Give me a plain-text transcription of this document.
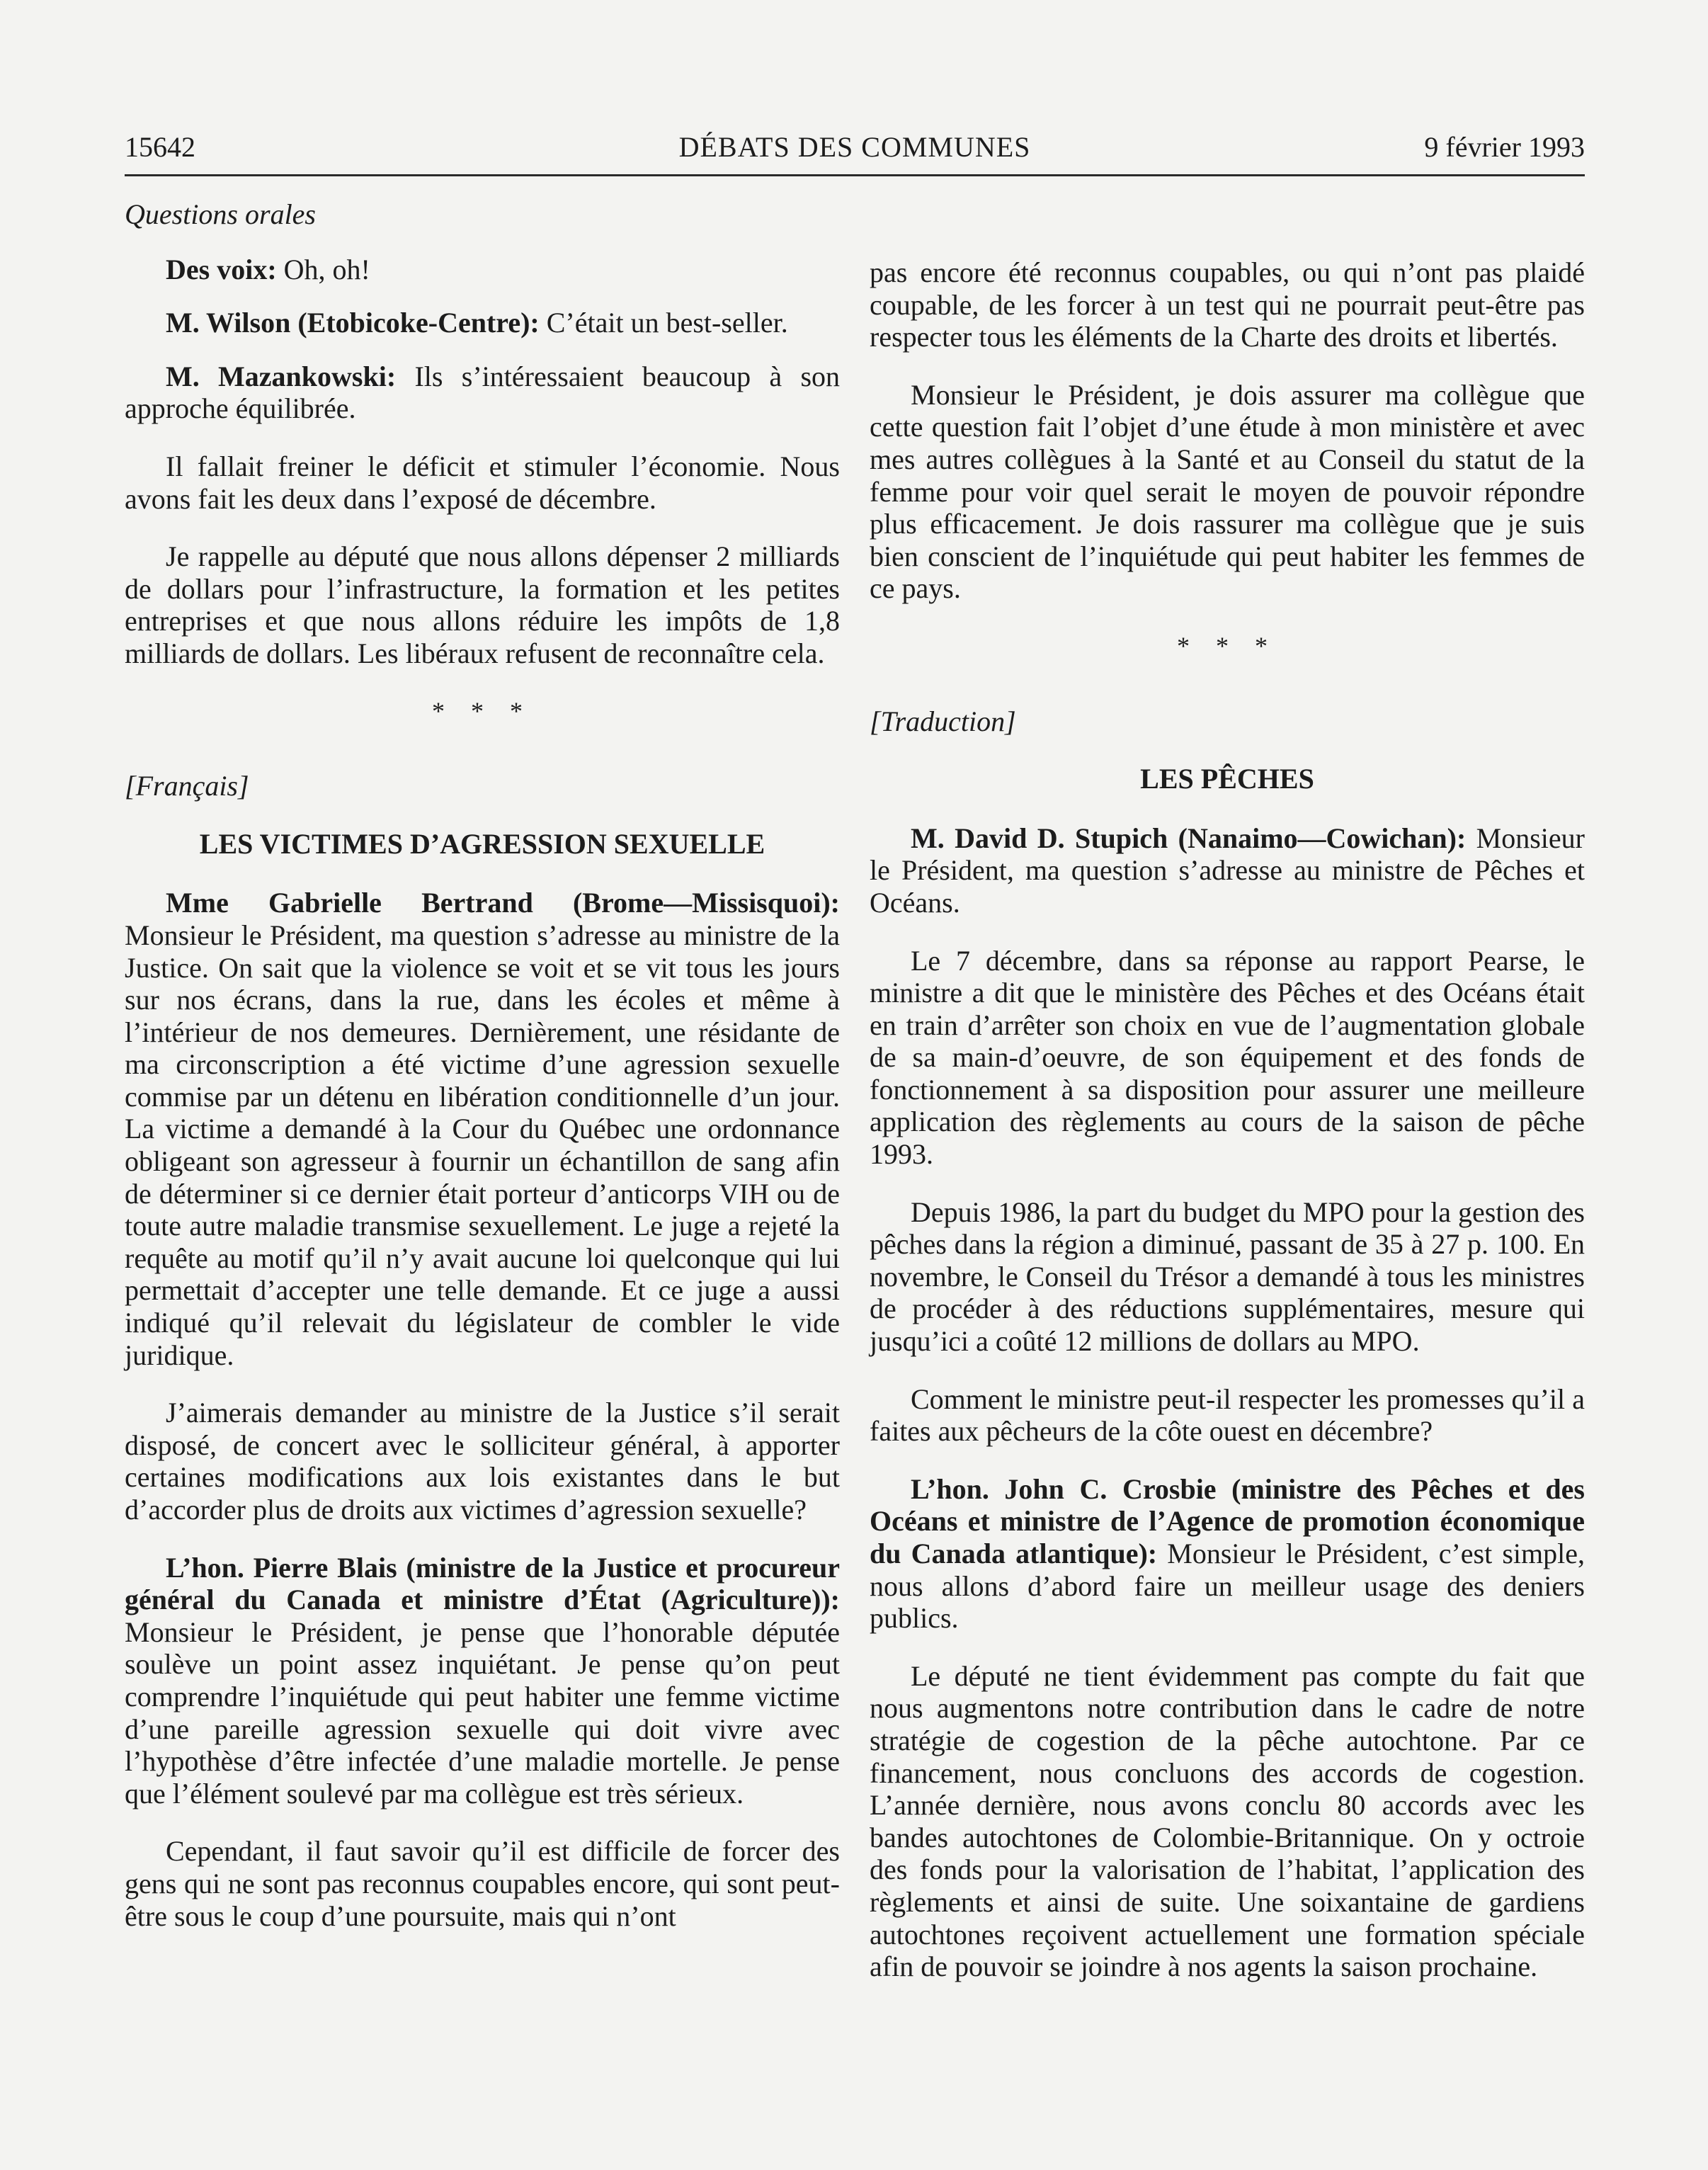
15642	DÉBATS DES COMMUNES	9 février 1993

Questions orales

Des voix: Oh, oh!

M. Wilson (Etobicoke-Centre): C’était un best-seller.

M. Mazankowski: Ils s’intéressaient beaucoup à son approche équilibrée.

Il fallait freiner le déficit et stimuler l’économie. Nous avons fait les deux dans l’exposé de décembre.

Je rappelle au député que nous allons dépenser 2 milliards de dollars pour l’infrastructure, la formation et les petites entreprises et que nous allons réduire les impôts de 1,8 milliards de dollars. Les libéraux refusent de reconnaître cela.

* * *

[Français]

LES VICTIMES D’AGRESSION SEXUELLE

Mme Gabrielle Bertrand (Brome—Missisquoi): Monsieur le Président, ma question s’adresse au ministre de la Justice. On sait que la violence se voit et se vit tous les jours sur nos écrans, dans la rue, dans les écoles et même à l’intérieur de nos demeures. Dernièrement, une résidante de ma circonscription a été victime d’une agression sexuelle commise par un détenu en libération conditionnelle d’un jour. La victime a demandé à la Cour du Québec une ordonnance obligeant son agresseur à fournir un échantillon de sang afin de déterminer si ce dernier était porteur d’anticorps VIH ou de toute autre maladie transmise sexuellement. Le juge a rejeté la requête au motif qu’il n’y avait aucune loi quelconque qui lui permettait d’accepter une telle demande. Et ce juge a aussi indiqué qu’il relevait du législateur de combler le vide juridique.

J’aimerais demander au ministre de la Justice s’il serait disposé, de concert avec le solliciteur général, à apporter certaines modifications aux lois existantes dans le but d’accorder plus de droits aux victimes d’agression sexuelle?

L’hon. Pierre Blais (ministre de la Justice et procureur général du Canada et ministre d’État (Agriculture)): Monsieur le Président, je pense que l’honorable députée soulève un point assez inquiétant. Je pense qu’on peut comprendre l’inquiétude qui peut habiter une femme victime d’une pareille agression sexuelle qui doit vivre avec l’hypothèse d’être infectée d’une maladie mortelle. Je pense que l’élément soulevé par ma collègue est très sérieux.

Cependant, il faut savoir qu’il est difficile de forcer des gens qui ne sont pas reconnus coupables encore, qui sont peut-être sous le coup d’une poursuite, mais qui n’ont

pas encore été reconnus coupables, ou qui n’ont pas plaidé coupable, de les forcer à un test qui ne pourrait peut-être pas respecter tous les éléments de la Charte des droits et libertés.

Monsieur le Président, je dois assurer ma collègue que cette question fait l’objet d’une étude à mon ministère et avec mes autres collègues à la Santé et au Conseil du statut de la femme pour voir quel serait le moyen de pouvoir répondre plus efficacement. Je dois rassurer ma collègue que je suis bien conscient de l’inquiétude qui peut habiter les femmes de ce pays.

* * *

[Traduction]

LES PÊCHES

M. David D. Stupich (Nanaimo—Cowichan): Monsieur le Président, ma question s’adresse au ministre de Pêches et Océans.

Le 7 décembre, dans sa réponse au rapport Pearse, le ministre a dit que le ministère des Pêches et des Océans était en train d’arrêter son choix en vue de l’augmentation globale de sa main-d’oeuvre, de son équipement et des fonds de fonctionnement à sa disposition pour assurer une meilleure application des règlements au cours de la saison de pêche 1993.

Depuis 1986, la part du budget du MPO pour la gestion des pêches dans la région a diminué, passant de 35 à 27 p. 100. En novembre, le Conseil du Trésor a demandé à tous les ministres de procéder à des réductions supplémentaires, mesure qui jusqu’ici a coûté 12 millions de dollars au MPO.

Comment le ministre peut-il respecter les promesses qu’il a faites aux pêcheurs de la côte ouest en décembre?

L’hon. John C. Crosbie (ministre des Pêches et des Océans et ministre de l’Agence de promotion économique du Canada atlantique): Monsieur le Président, c’est simple, nous allons d’abord faire un meilleur usage des deniers publics.

Le député ne tient évidemment pas compte du fait que nous augmentons notre contribution dans le cadre de notre stratégie de cogestion de la pêche autochtone. Par ce financement, nous concluons des accords de cogestion. L’année dernière, nous avons conclu 80 accords avec les bandes autochtones de Colombie-Britannique. On y octroie des fonds pour la valorisation de l’habitat, l’application des règlements et ainsi de suite. Une soixantaine de gardiens autochtones reçoivent actuellement une formation spéciale afin de pouvoir se joindre à nos agents la saison prochaine.
